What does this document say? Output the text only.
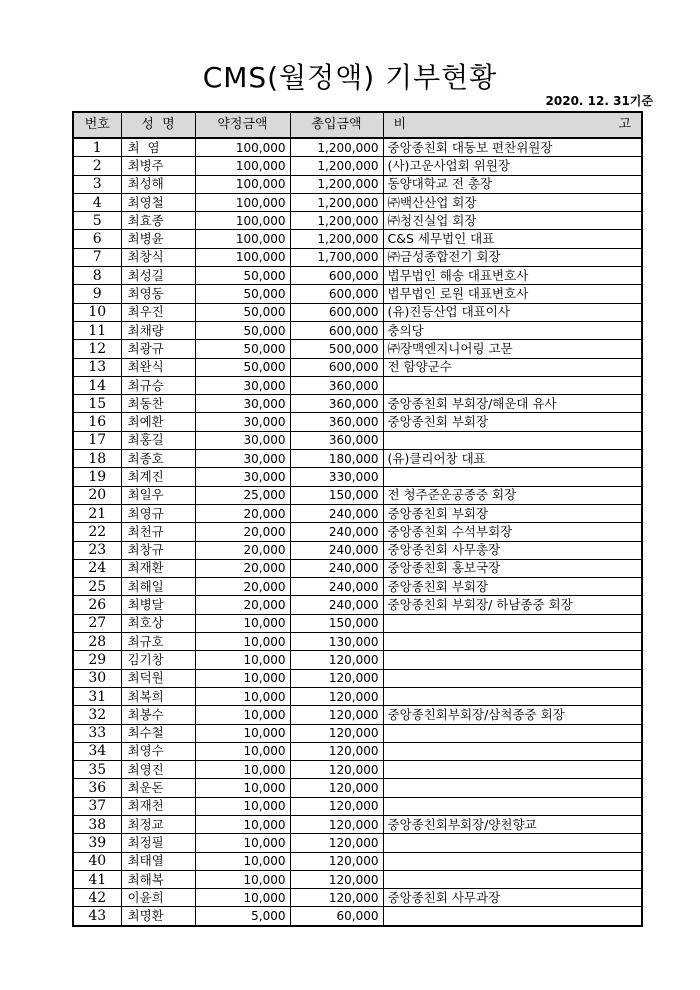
CMS(월정액) 기부현황
2020. 12. 31기준
번호	성  명	약정금액	총입금액	비 고

1	최  염	100,000	1,200,000	중앙종친회 대동보 편찬위원장
2	최병주	100,000	1,200,000	(사)고운사업회 위원장
3	최성해	100,000	1,200,000	동양대학교 전 총장
4	최영철	100,000	1,200,000	㈜백산산업 회장
5	최효종	100,000	1,200,000	㈜청진실업 회장
6	최병윤	100,000	1,200,000	C&S 세무법인 대표
7	최창식	100,000	1,700,000	㈜금성종합전기 회장
8	최성길	50,000	600,000	법무법인 해송 대표변호사
9	최영동	50,000	600,000	법무법인 로원 대표변호사
10	최우진	50,000	600,000	(유)진등산업 대표이사
11	최채량	50,000	600,000	충의당
12	최광규	50,000	500,000	㈜장맥엔지니어링 고문
13	최완식	50,000	600,000	전 함양군수
14	최규승	30,000	360,000	
15	최동찬	30,000	360,000	중앙종친회 부회장/해운대 유사
16	최예환	30,000	360,000	중앙종친회 부회장
17	최홍길	30,000	360,000	
18	최종호	30,000	180,000	(유)클리어창 대표
19	최계진	30,000	330,000	
20	최일우	25,000	150,000	전 청주준운공종중 회장
21	최영규	20,000	240,000	중앙종친회 부회장
22	최천규	20,000	240,000	중앙종친회 수석부회장
23	최창규	20,000	240,000	중앙종친회 사무총장
24	최재환	20,000	240,000	중앙종친회 홍보국장
25	최해일	20,000	240,000	중앙종친회 부회장
26	최병달	20,000	240,000	중앙종친회 부회장/ 하남종중 회장
27	최호상	10,000	150,000	
28	최규호	10,000	130,000	
29	김기창	10,000	120,000	
30	최덕원	10,000	120,000	
31	최복희	10,000	120,000	
32	최봉수	10,000	120,000	중앙종친회부회장/삼척종중 회장
33	최수철	10,000	120,000	
34	최영수	10,000	120,000	
35	최영진	10,000	120,000	
36	최운돈	10,000	120,000	
37	최재천	10,000	120,000	
38	최정교	10,000	120,000	중앙종친회부회장/양천향교
39	최정필	10,000	120,000	
40	최태열	10,000	120,000	
41	최해복	10,000	120,000	
42	이윤희	10,000	120,000	중앙종친회 사무과장
43	최명환	5,000	60,000	
